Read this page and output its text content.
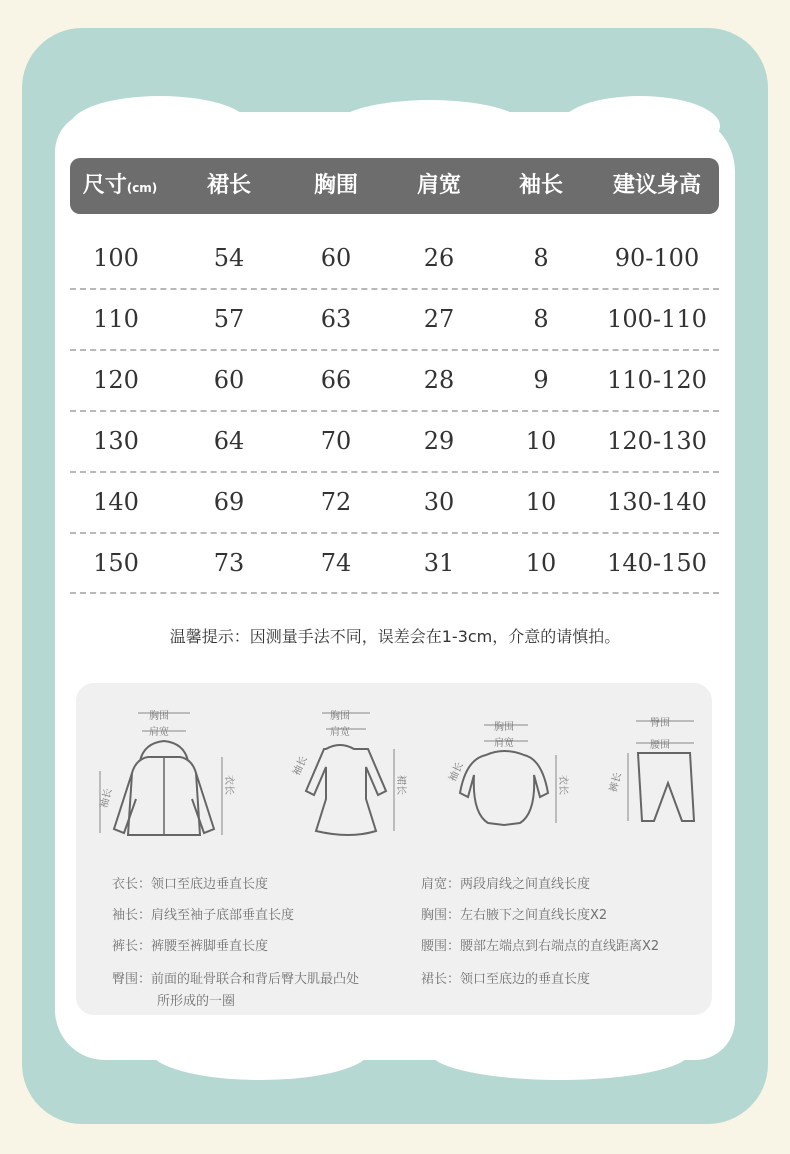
尺寸(cm)	裙长	胸围	肩宽	袖长	建议身高
100	54	60	26	8	90-100
110	57	63	27	8	100-110
120	60	66	28	9	110-120
130	64	70	29	10	120-130
140	69	72	30	10	130-140
150	73	74	31	10	140-150
温馨提示：因测量手法不同，误差会在1-3cm，介意的请慎拍。
胸围
肩宽
袖长
衣长
胸围
肩宽
袖长
裙长
胸围
肩宽
袖长
衣长
臀围
腰围
裤长
衣长：领口至底边垂直长度
袖长：肩线至袖子底部垂直长度
裤长：裤腰至裤脚垂直长度
臀围：前面的耻骨联合和背后臀大肌最凸处
所形成的一圈
肩宽：两段肩线之间直线长度
胸围：左右腋下之间直线长度X2
腰围：腰部左端点到右端点的直线距离X2
裙长：领口至底边的垂直长度
